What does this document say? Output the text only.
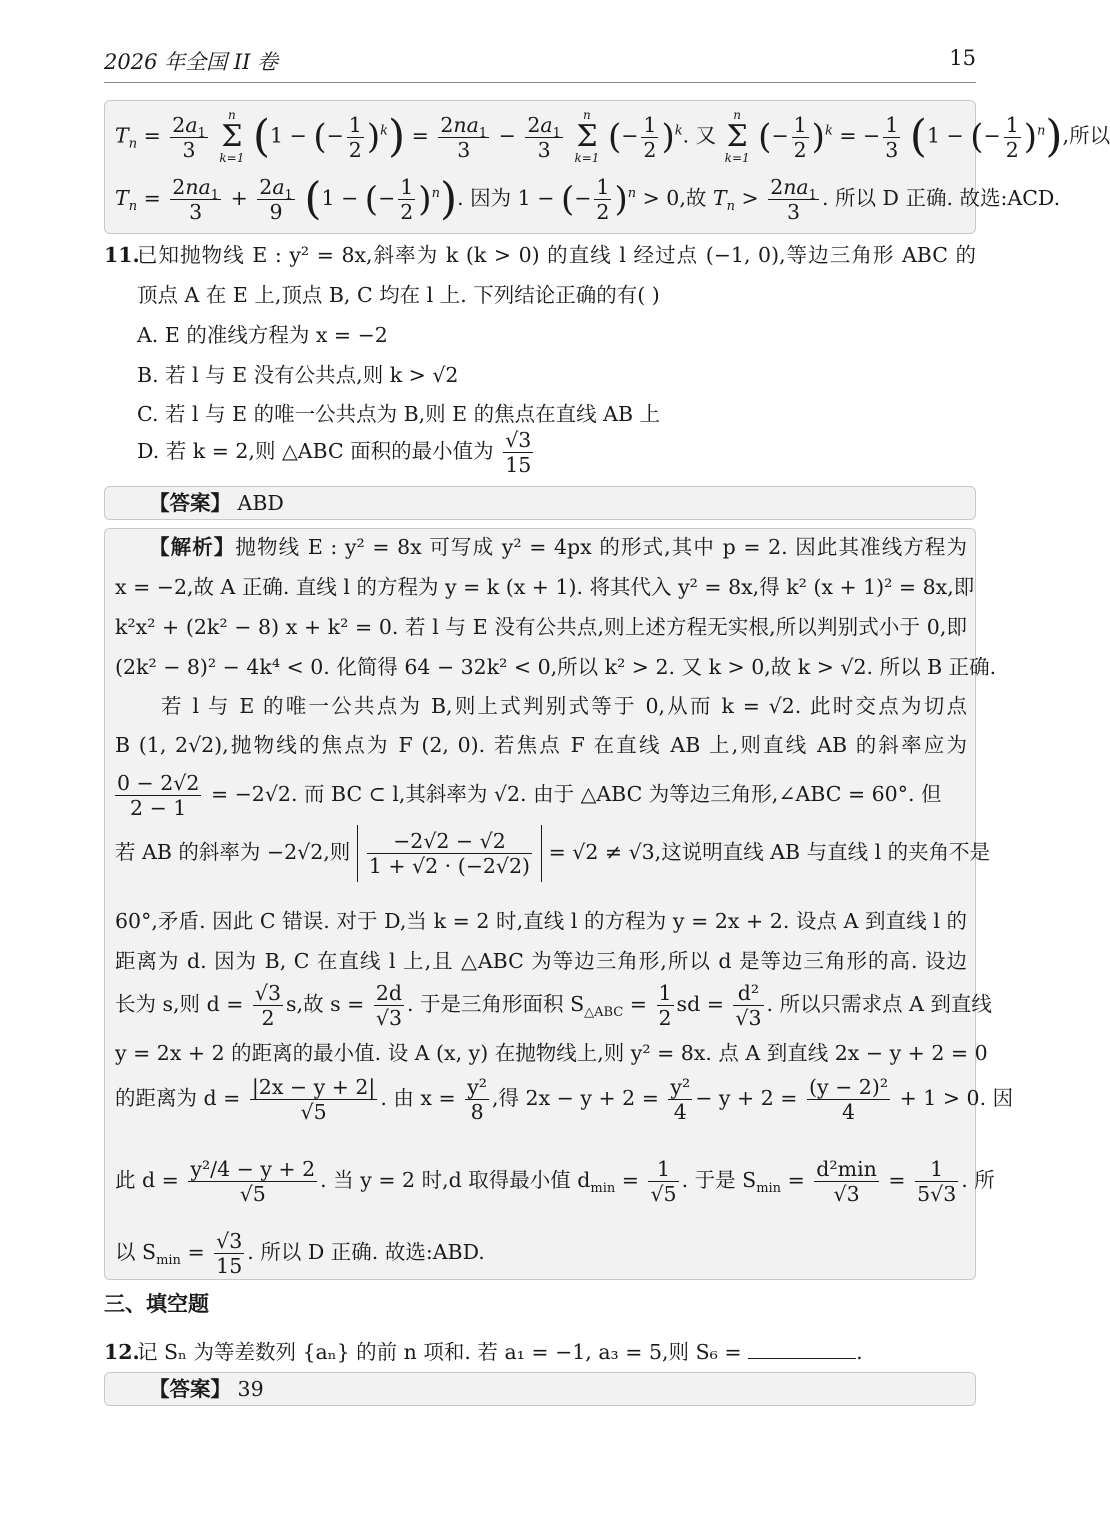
2026 年全国 II 卷	15
$T_n = \frac{2a_1}{3}$
	n
Σ
k=1 (1 − (− $\frac{1}{2} )^k) = \frac{2na_1}{3} - \frac{2a_1}{3}$
	n
Σ
k=1
(− $\frac{1}{2} )^k$. 又
n
Σ
k=1
(− $\frac{1}{2} )^k$ = − $\frac{1}{3} (1$ − (− $\frac{1}{2} )^n$),所以
$T_n = \frac{2na_1}{3} + \frac{2a_1}{9} (1$ − (− $\frac{1}{2} )^n$). 因为 1 − (− $\frac{1}{2} )^n > 0$,故 $T_n > \frac{2na_1}{3}$ . 所以 D 正确. 故选:ACD.
11.
已知抛物线 E : y² = 8x,斜率为 k (k > 0) 的直线 l 经过点 (−1, 0),等边三角形 ABC 的
顶点 A 在 E 上,顶点 B, C 均在 l 上. 下列结论正确的有( )
A. E 的准线方程为 x = −2
B. 若 l 与 E 没有公共点,则 k > √2
C. 若 l 与 E 的唯一公共点为 B,则 E 的焦点在直线 AB 上
D. 若 k = 2,则 △ABC 面积的最小值为 $\frac{√3}{15}$
【答案】 ABD
【解析】抛物线 E : y² = 8x 可写成 y² = 4px 的形式,其中 p = 2. 因此其准线方程为
x = −2,故 A 正确. 直线 l 的方程为 y = k (x + 1). 将其代入 y² = 8x,得 k² (x + 1)² = 8x,即
k²x² + (2k² − 8) x + k² = 0. 若 l 与 E 没有公共点,则上述方程无实根,所以判别式小于 0,即
(2k² − 8)² − 4k⁴ < 0. 化简得 64 − 32k² < 0,所以 k² > 2. 又 k > 0,故 k > √2. 所以 B 正确.
若 l 与 E 的唯一公共点为 B,则上式判别式等于 0,从而 k = √2. 此时交点为切点
B (1, 2√2),抛物线的焦点为 F (2, 0). 若焦点 F 在直线 AB 上,则直线 AB 的斜率应为
$\frac{0 - 2√2}{2 - 1} = -2√2$. 而 BC ⊂ l,其斜率为 √2. 由于 △ABC 为等边三角形,∠ABC = 60°. 但
若 AB 的斜率为 −2√2,则 $\frac{-2√2 - √2}{1 + √2 \cdot (-2√2)} = √2 \ne √3$,这说明直线 AB 与直线 l 的夹角不是
60°,矛盾. 因此 C 错误. 对于 D,当 k = 2 时,直线 l 的方程为 y = 2x + 2. 设点 A 到直线 l 的
距离为 d. 因为 B, C 在直线 l 上,且 △ABC 为等边三角形,所以 d 是等边三角形的高. 设边
长为 s,则 $d = \frac{√3}{2} s$,故 $s = \frac{2d}{√3}$ . 于是三角形面积 $S_{\triangle ABC} = \frac{1}{2}$ sd = $\frac{\text{d²}}{√3}$ . 所以只需求点 A 到直线
y = 2x + 2 的距离的最小值. 设 A (x, y) 在抛物线上,则 y² = 8x. 点 A 到直线 2x − y + 2 = 0
的距离为 $d = \frac{|2x - y + 2|}{√5}$ . 由 $x = \frac{\text{y²}}{8}$ ,得 $2x - y + 2 = \frac{\text{y²}}{4} - y + 2 = \frac{\text{(y − 2)²}}{4} + 1 > 0$. 因
此 $d = \frac{\text{y²/4 − y + 2}}{√5}$ . 当 y = 2 时,d 取得最小值 $d_{min} = \frac{1}{√5}$ . 于是 $S_{min} = \frac{\text{d²min}}{√3} = \frac{1}{5√3}$ . 所
以 $S_{min} = \frac{√3}{15}$ . 所以 D 正确. 故选:ABD.
三、填空题
12.
记 Sₙ 为等差数列 {aₙ} 的前 n 项和. 若 a₁ = −1, a₃ = 5,则 S₆ =	.
【答案】 39
